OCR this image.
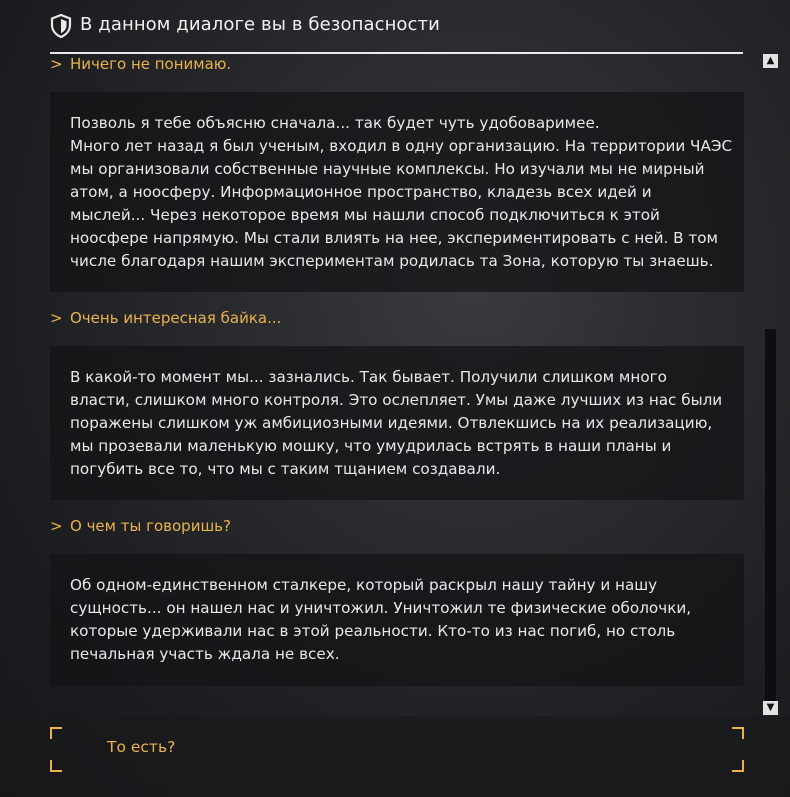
В данном диалоге вы в безопасности
> Ничего не понимаю.
Позволь я тебе объясню сначала... так будет чуть удобоваримее.
Много лет назад я был ученым, входил в одну организацию. На территории ЧАЭС
мы организовали собственные научные комплексы. Но изучали мы не мирный
атом, а ноосферу. Информационное пространство, кладезь всех идей и
мыслей... Через некоторое время мы нашли способ подключиться к этой
ноосфере напрямую. Мы стали влиять на нее, экспериментировать с ней. В том
числе благодаря нашим экспериментам родилась та Зона, которую ты знаешь.
> Очень интересная байка...
В какой-то момент мы... зазнались. Так бывает. Получили слишком много
власти, слишком много контроля. Это ослепляет. Умы даже лучших из нас были
поражены слишком уж амбициозными идеями. Отвлекшись на их реализацию,
мы прозевали маленькую мошку, что умудрилась встрять в наши планы и
погубить все то, что мы с таким тщанием создавали.
> О чем ты говоришь?
Об одном-единственном сталкере, который раскрыл нашу тайну и нашу
сущность... он нашел нас и уничтожил. Уничтожил те физические оболочки,
которые удерживали нас в этой реальности. Кто-то из нас погиб, но столь
печальная участь ждала не всех.
▲
▼
То есть?
